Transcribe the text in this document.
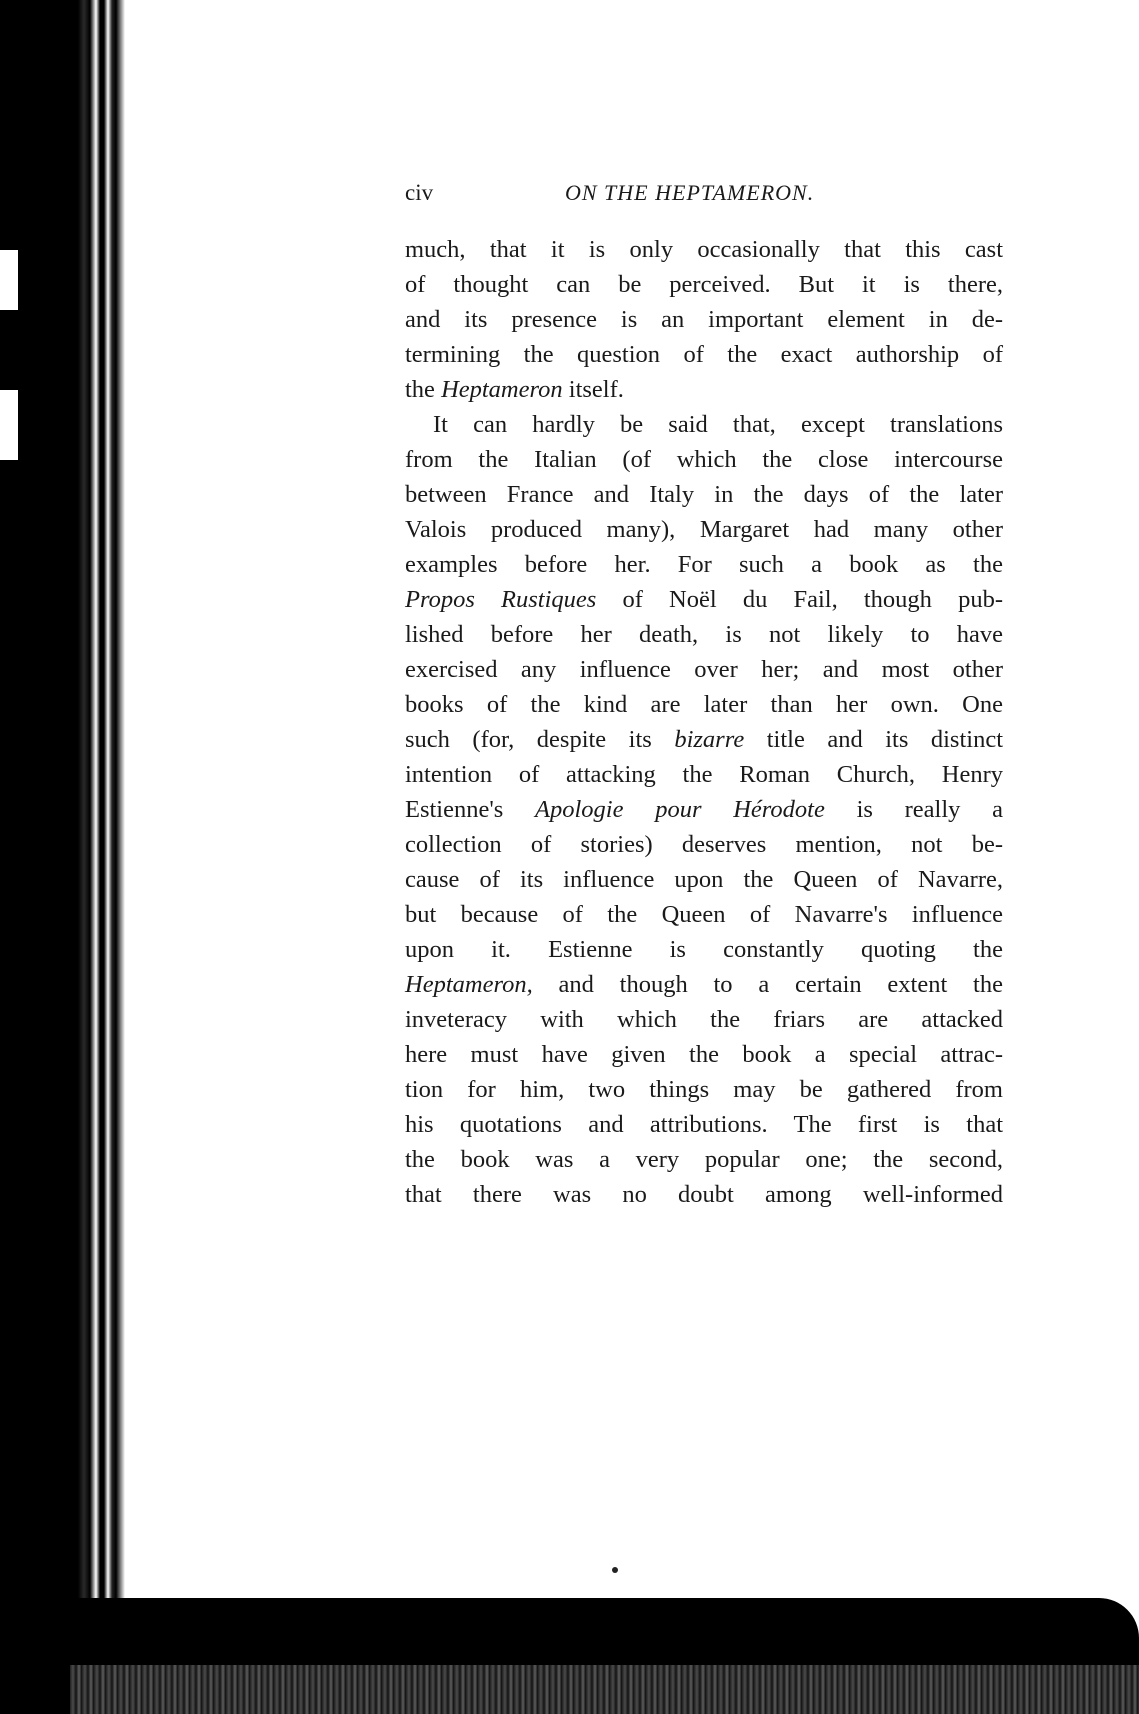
civ	ON THE HEPTAMERON.
much, that it is only occasionally that this cast
of thought can be perceived. But it is there,
and its presence is an important element in de-
termining the question of the exact authorship of
the Heptameron itself.
It can hardly be said that, except translations
from the Italian (of which the close intercourse
between France and Italy in the days of the later
Valois produced many), Margaret had many other
examples before her. For such a book as the
Propos Rustiques of Noël du Fail, though pub-
lished before her death, is not likely to have
exercised any influence over her; and most other
books of the kind are later than her own. One
such (for, despite its bizarre title and its distinct
intention of attacking the Roman Church, Henry
Estienne's Apologie pour Hérodote is really a
collection of stories) deserves mention, not be-
cause of its influence upon the Queen of Navarre,
but because of the Queen of Navarre's influence
upon it. Estienne is constantly quoting the
Heptameron, and though to a certain extent the
inveteracy with which the friars are attacked
here must have given the book a special attrac-
tion for him, two things may be gathered from
his quotations and attributions. The first is that
the book was a very popular one; the second,
that there was no doubt among well-informed
